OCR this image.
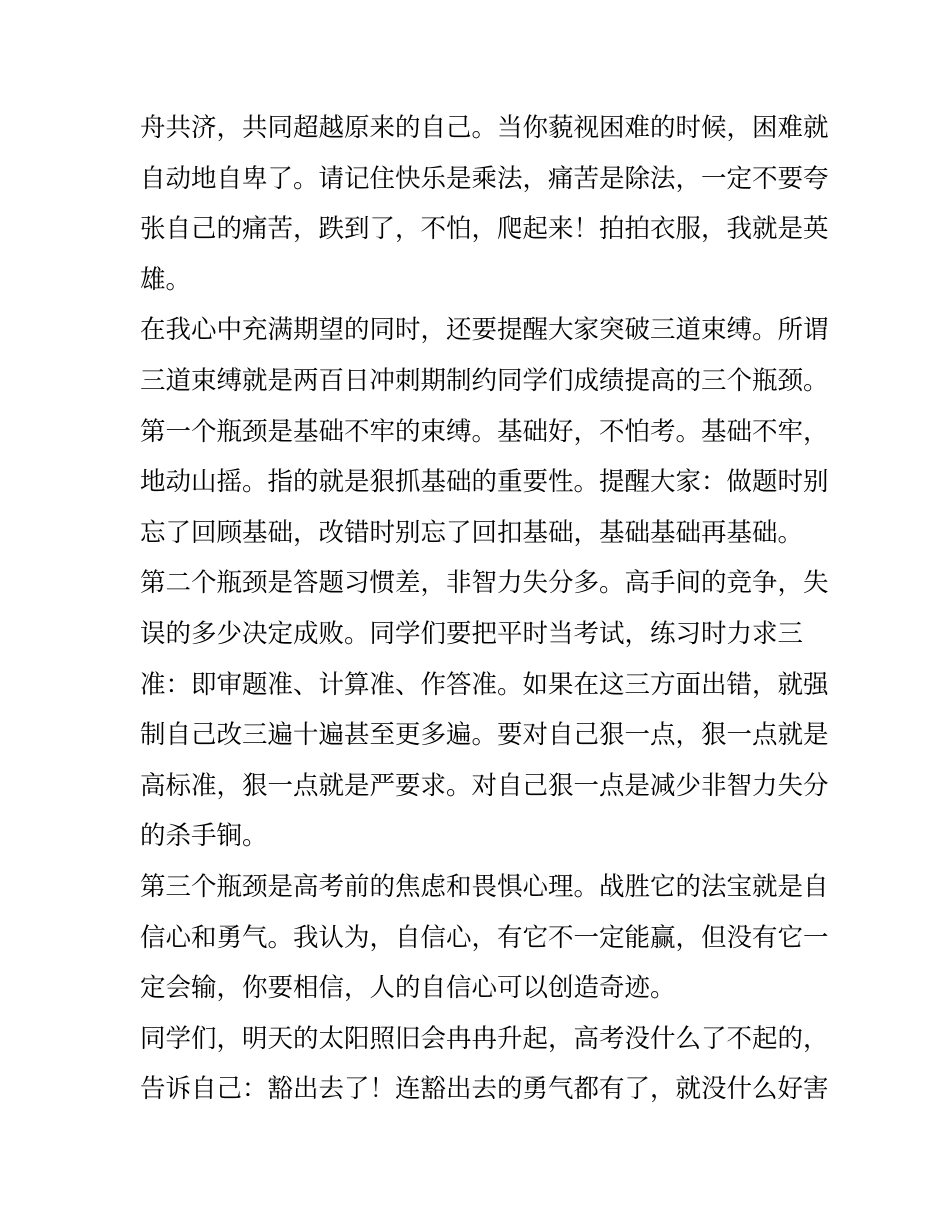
舟共济，共同超越原来的自己。当你藐视困难的时候，困难就
自动地自卑了。请记住快乐是乘法，痛苦是除法，一定不要夸
张自己的痛苦，跌到了，不怕，爬起来！拍拍衣服，我就是英
雄。
在我心中充满期望的同时，还要提醒大家突破三道束缚。所谓
三道束缚就是两百日冲刺期制约同学们成绩提高的三个瓶颈。
第一个瓶颈是基础不牢的束缚。基础好，不怕考。基础不牢，
地动山摇。指的就是狠抓基础的重要性。提醒大家：做题时别
忘了回顾基础，改错时别忘了回扣基础，基础基础再基础。
第二个瓶颈是答题习惯差，非智力失分多。高手间的竞争，失
误的多少决定成败。同学们要把平时当考试，练习时力求三
准：即审题准、计算准、作答准。如果在这三方面出错，就强
制自己改三遍十遍甚至更多遍。要对自己狠一点，狠一点就是
高标准，狠一点就是严要求。对自己狠一点是减少非智力失分
的杀手锏。
第三个瓶颈是高考前的焦虑和畏惧心理。战胜它的法宝就是自
信心和勇气。我认为，自信心，有它不一定能赢，但没有它一
定会输，你要相信，人的自信心可以创造奇迹。
同学们，明天的太阳照旧会冉冉升起，高考没什么了不起的，
告诉自己：豁出去了！连豁出去的勇气都有了，就没什么好害
